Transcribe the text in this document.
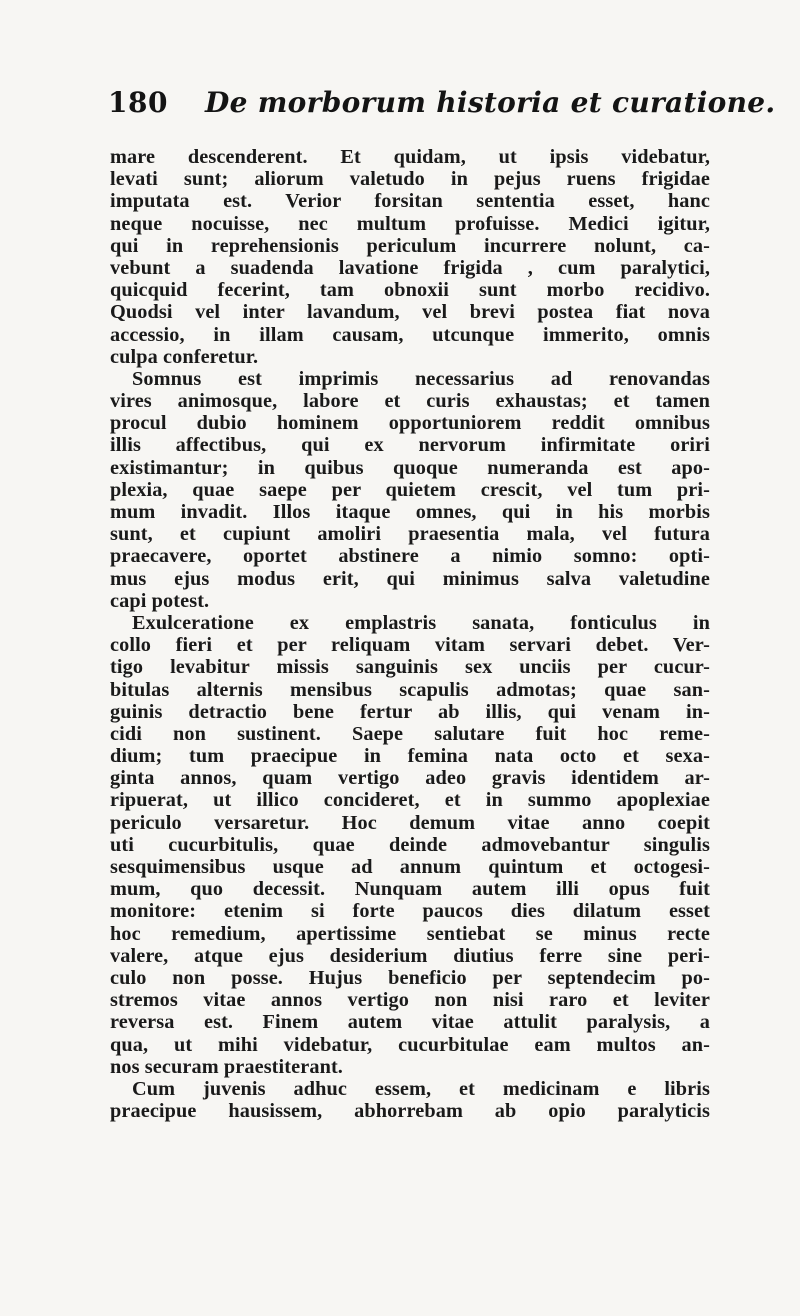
180 De morborum historia et curatione.
mare descenderent. Et quidam, ut ipsis videbatur,
levati sunt; aliorum valetudo in pejus ruens frigidae
imputata est. Verior forsitan sententia esset, hanc
neque nocuisse, nec multum profuisse. Medici igitur,
qui in reprehensionis periculum incurrere nolunt, ca-
vebunt a suadenda lavatione frigida , cum paralytici,
quicquid fecerint, tam obnoxii sunt morbo recidivo.
Quodsi vel inter lavandum, vel brevi postea fiat nova
accessio, in illam causam, utcunque immerito, omnis
culpa conferetur.
Somnus est imprimis necessarius ad renovandas
vires animosque, labore et curis exhaustas; et tamen
procul dubio hominem opportuniorem reddit omnibus
illis affectibus, qui ex nervorum infirmitate oriri
existimantur; in quibus quoque numeranda est apo-
plexia, quae saepe per quietem crescit, vel tum pri-
mum invadit. Illos itaque omnes, qui in his morbis
sunt, et cupiunt amoliri praesentia mala, vel futura
praecavere, oportet abstinere a nimio somno: opti-
mus ejus modus erit, qui minimus salva valetudine
capi potest.
Exulceratione ex emplastris sanata, fonticulus in
collo fieri et per reliquam vitam servari debet. Ver-
tigo levabitur missis sanguinis sex unciis per cucur-
bitulas alternis mensibus scapulis admotas; quae san-
guinis detractio bene fertur ab illis, qui venam in-
cidi non sustinent. Saepe salutare fuit hoc reme-
dium; tum praecipue in femina nata octo et sexa-
ginta annos, quam vertigo adeo gravis identidem ar-
ripuerat, ut illico concideret, et in summo apoplexiae
periculo versaretur. Hoc demum vitae anno coepit
uti cucurbitulis, quae deinde admovebantur singulis
sesquimensibus usque ad annum quintum et octogesi-
mum, quo decessit. Nunquam autem illi opus fuit
monitore: etenim si forte paucos dies dilatum esset
hoc remedium, apertissime sentiebat se minus recte
valere, atque ejus desiderium diutius ferre sine peri-
culo non posse. Hujus beneficio per septendecim po-
stremos vitae annos vertigo non nisi raro et leviter
reversa est. Finem autem vitae attulit paralysis, a
qua, ut mihi videbatur, cucurbitulae eam multos an-
nos securam praestiterant.
Cum juvenis adhuc essem, et medicinam e libris
praecipue hausissem, abhorrebam ab opio paralyticis
